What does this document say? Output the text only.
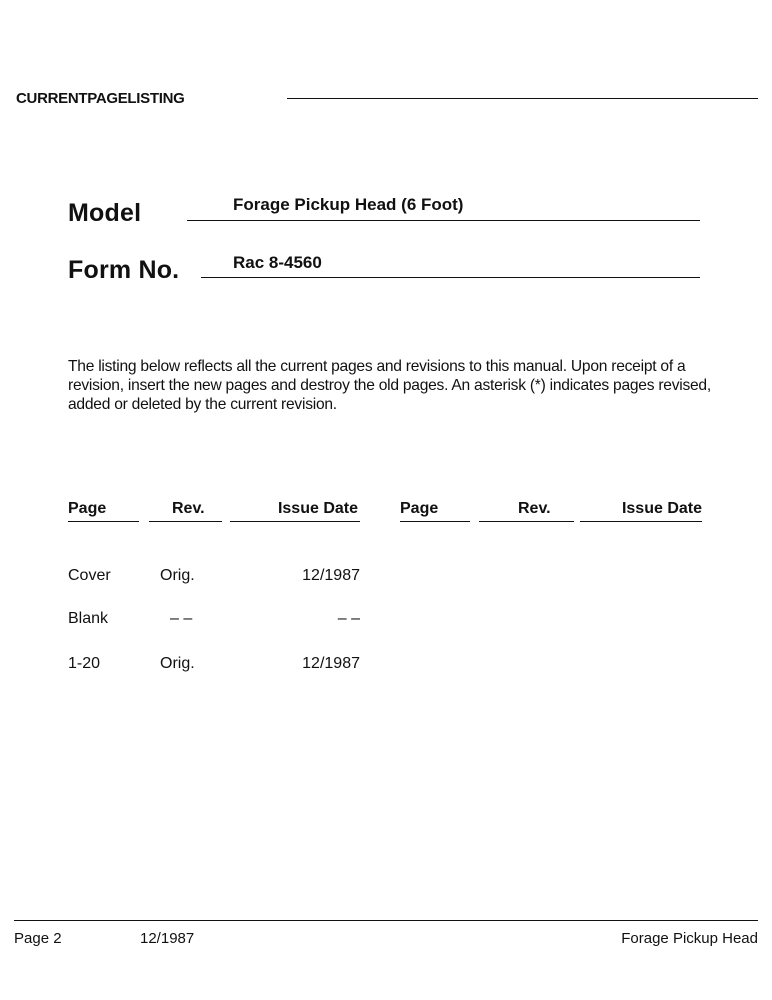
CURRENTPAGELISTING
Model	Forage Pickup Head (6 Foot)
Form No.	Rac 8-4560
The listing below reflects all the current pages and revisions to this manual. Upon receipt of a revision, insert the new pages and destroy the old pages. An asterisk (*) indicates pages revised, added or deleted by the current revision.
Page	Rev.	Issue Date	Page	Rev.	Issue Date
Cover	Orig.	12/1987
Blank	– –	– –
1-20	Orig.	12/1987
Page 2	12/1987	Forage Pickup Head
